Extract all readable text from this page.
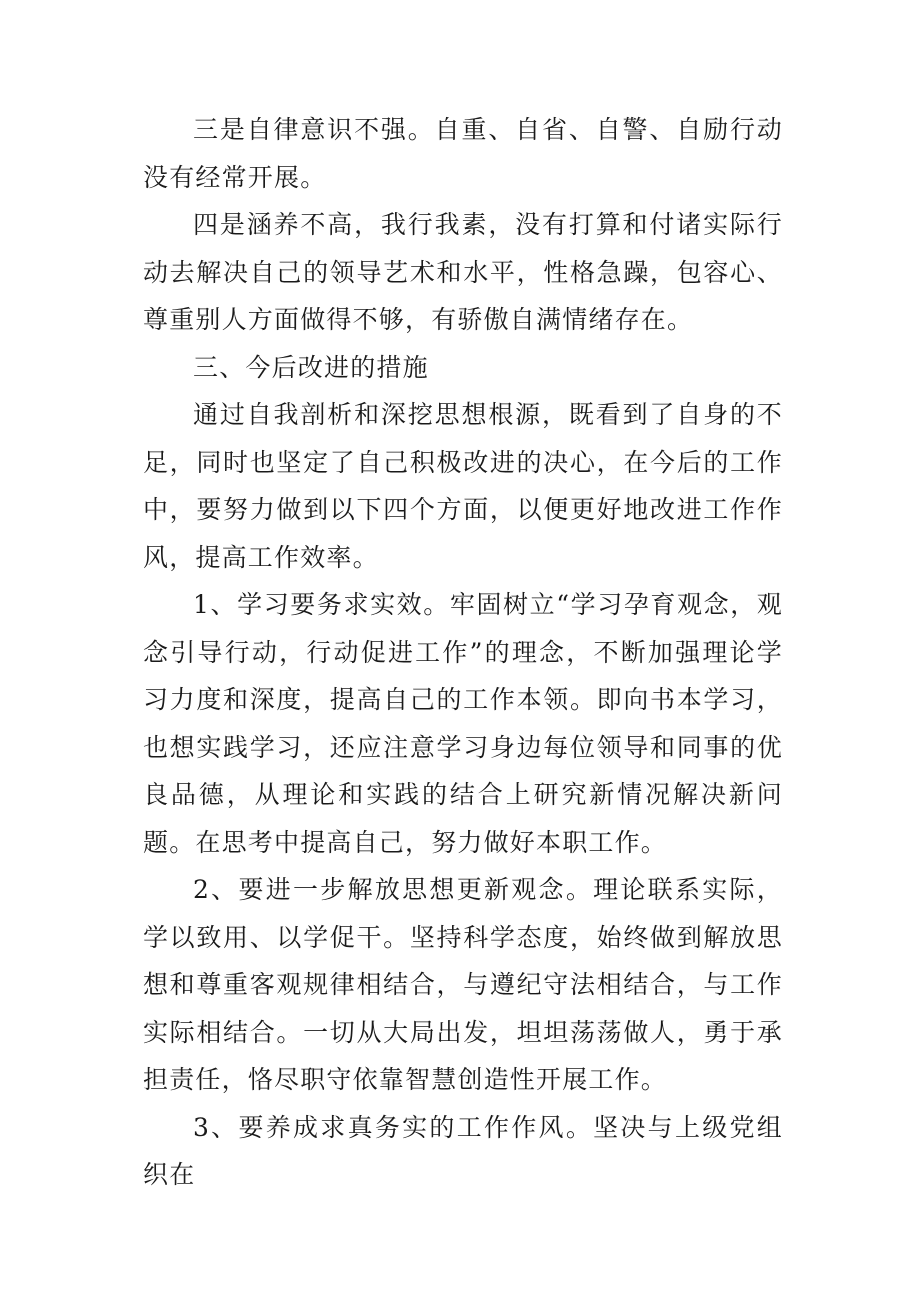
三是自律意识不强。自重、自省、自警、自励行动没有经常开展。

四是涵养不高，我行我素，没有打算和付诸实际行动去解决自己的领导艺术和水平，性格急躁，包容心、尊重别人方面做得不够，有骄傲自满情绪存在。

三、今后改进的措施

通过自我剖析和深挖思想根源，既看到了自身的不足，同时也坚定了自己积极改进的决心，在今后的工作中，要努力做到以下四个方面，以便更好地改进工作作风，提高工作效率。

1、学习要务求实效。牢固树立“学习孕育观念，观念引导行动，行动促进工作”的理念，不断加强理论学习力度和深度，提高自己的工作本领。即向书本学习，也想实践学习，还应注意学习身边每位领导和同事的优良品德，从理论和实践的结合上研究新情况解决新问题。在思考中提高自己，努力做好本职工作。

2、要进一步解放思想更新观念。理论联系实际，学以致用、以学促干。坚持科学态度，始终做到解放思想和尊重客观规律相结合，与遵纪守法相结合，与工作实际相结合。一切从大局出发，坦坦荡荡做人，勇于承担责任，恪尽职守依靠智慧创造性开展工作。

3、要养成求真务实的工作作风。坚决与上级党组织在
